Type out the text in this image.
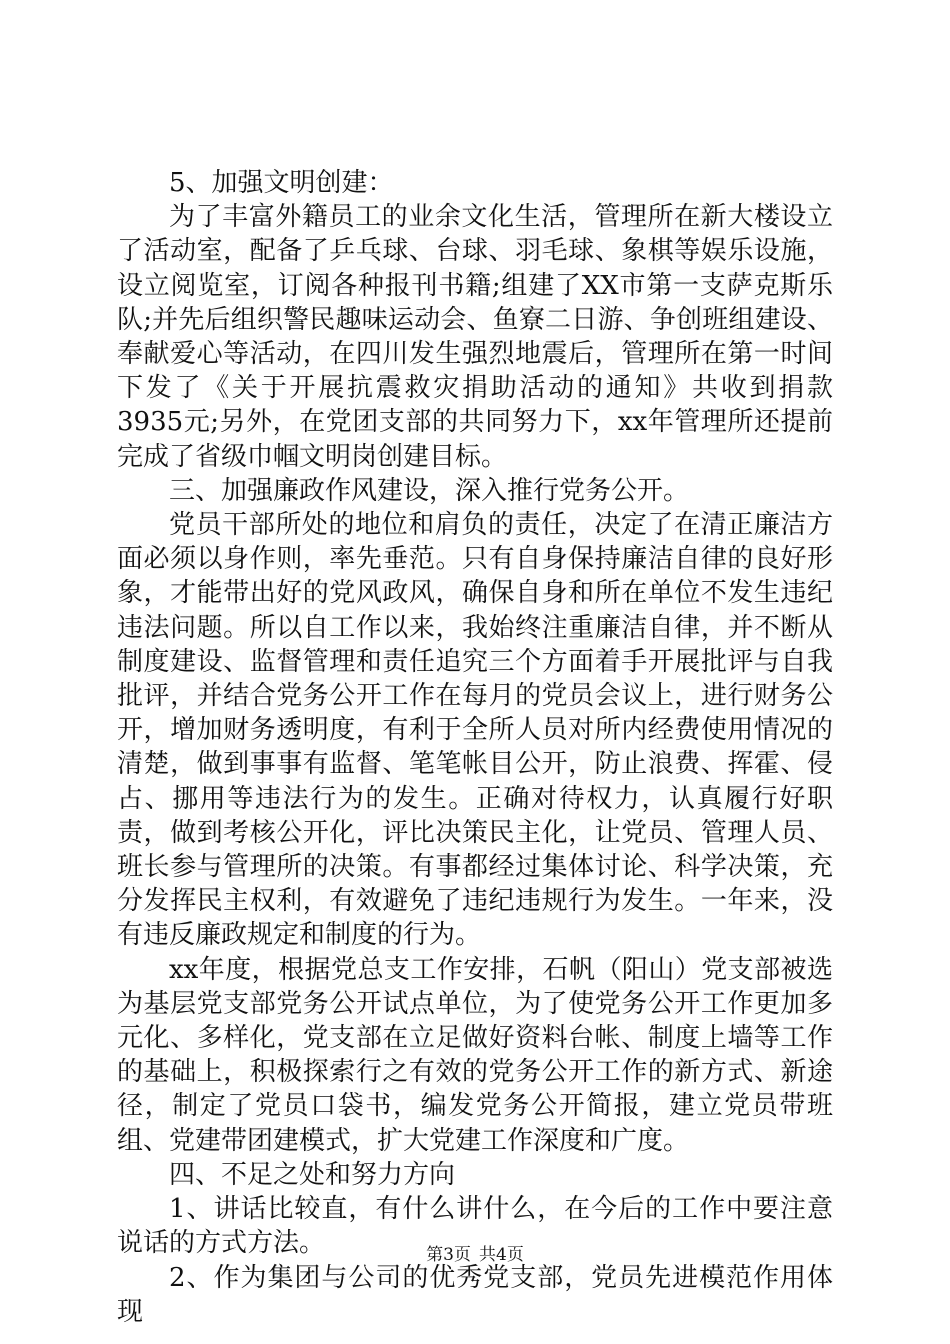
5、加强文明创建：

为了丰富外籍员工的业余文化生活，管理所在新大楼设立了活动室，配备了乒乓球、台球、羽毛球、象棋等娱乐设施，设立阅览室，订阅各种报刊书籍;组建了XX市第一支萨克斯乐队;并先后组织警民趣味运动会、鱼寮二日游、争创班组建设、奉献爱心等活动，在四川发生强烈地震后，管理所在第一时间下发了《关于开展抗震救灾捐助活动的通知》共收到捐款3935元;另外，在党团支部的共同努力下，xx年管理所还提前完成了省级巾帼文明岗创建目标。

三、加强廉政作风建设，深入推行党务公开。

党员干部所处的地位和肩负的责任，决定了在清正廉洁方面必须以身作则，率先垂范。只有自身保持廉洁自律的良好形象，才能带出好的党风政风，确保自身和所在单位不发生违纪违法问题。所以自工作以来，我始终注重廉洁自律，并不断从制度建设、监督管理和责任追究三个方面着手开展批评与自我批评，并结合党务公开工作在每月的党员会议上，进行财务公开，增加财务透明度，有利于全所人员对所内经费使用情况的清楚，做到事事有监督、笔笔帐目公开，防止浪费、挥霍、侵占、挪用等违法行为的发生。正确对待权力，认真履行好职责，做到考核公开化，评比决策民主化，让党员、管理人员、班长参与管理所的决策。有事都经过集体讨论、科学决策，充分发挥民主权利，有效避免了违纪违规行为发生。一年来，没有违反廉政规定和制度的行为。

xx年度，根据党总支工作安排，石帆（阳山）党支部被选为基层党支部党务公开试点单位，为了使党务公开工作更加多元化、多样化，党支部在立足做好资料台帐、制度上墙等工作的基础上，积极探索行之有效的党务公开工作的新方式、新途径，制定了党员口袋书，编发党务公开简报，建立党员带班组、党建带团建模式，扩大党建工作深度和广度。

四、不足之处和努力方向

1、讲话比较直，有什么讲什么，在今后的工作中要注意说话的方式方法。

2、作为集团与公司的优秀党支部，党员先进模范作用体现

第3页 共4页
